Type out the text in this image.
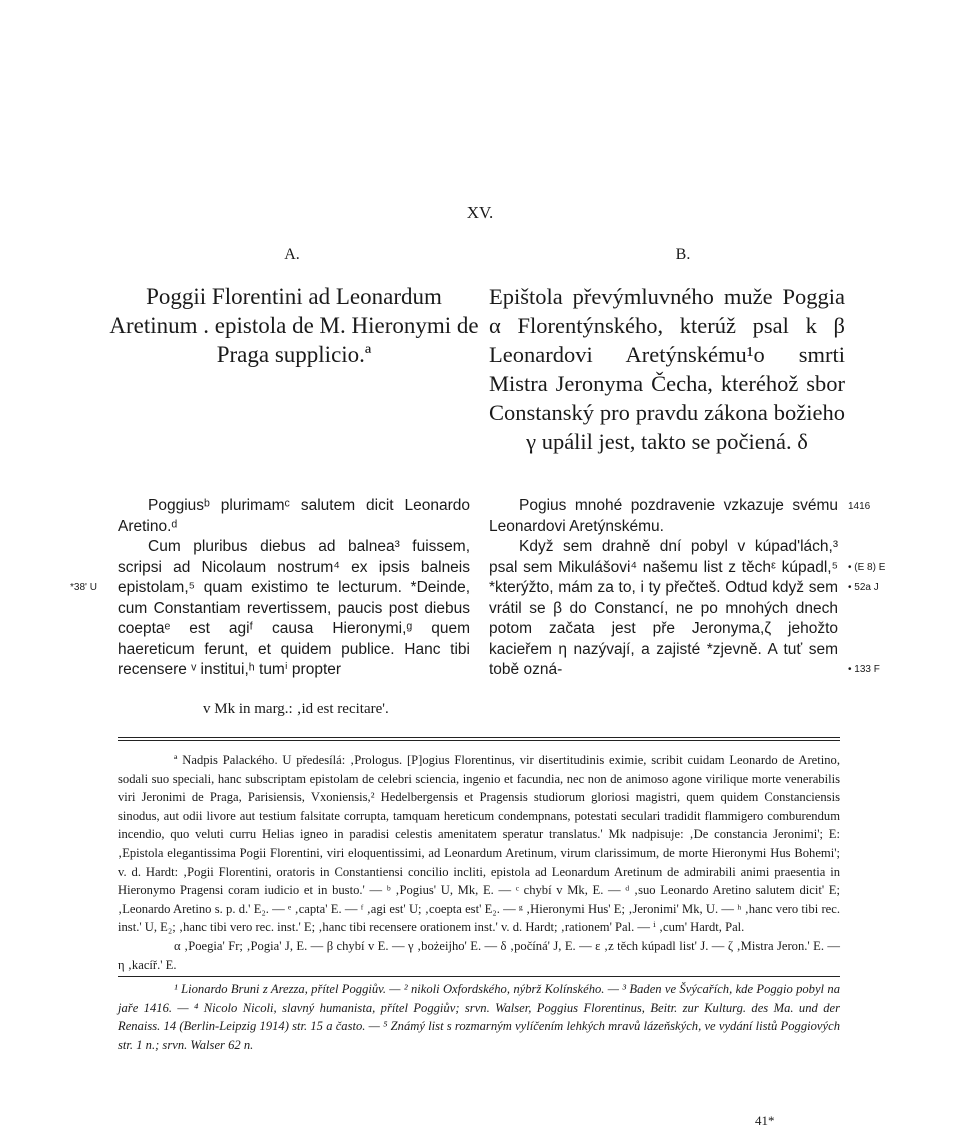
XV.
A.	B.
Poggii Florentini ad Leonardum Aretinum . epistola de M. Hieronymi de Praga supplicio.ª
Epištola převýmluvného muže Poggia α Florentýnského, kterúž psal k β Leonardovi Aretýnskému¹o smrti Mistra Jeronyma Čecha, kteréhož sbor Constanský pro pravdu zákona božieho γ upálil jest, takto se počiená. δ

Poggiusᵇ plurimamᶜ salutem dicit Leonardo Aretino.ᵈ

Cum pluribus diebus ad balnea³ fuissem, scripsi ad Nicolaum nostrum⁴ ex ipsis balneis epistolam,⁵ quam existimo te lecturum. *Deinde, cum Constantiam revertissem, paucis post diebus coeptaᵉ est agiᶠ causa Hieronymi,ᵍ quem haereticum ferunt, et quidem publice. Hanc tibi recensere ᵛ institui,ʰ tumⁱ propter

Pogius mnohé pozdravenie vzkazuje svému Leonardovi Aretýnskému.

Když sem drahně dní pobyl v kúpad'lách,³ psal sem Mikulášovi⁴ našemu list z těchᵋ kúpadl,⁵ *kterýžto, mám za to, i ty přečteš. Odtud když sem vrátil se β do Constancí, ne po mnohých dnech potom začata jest pře Jeronyma,ζ jehožto kacieřem η nazývají, a zajisté *zjevně. A tuť sem tobě ozná-

*38' U
1416
• (E 8) E
• 52a J
• 133 F
v Mk in marg.: ‚id est recitare'.

ª Nadpis Palackého. U předesílá: ‚Prologus. [P]ogius Florentinus, vir disertitudinis eximie, scribit cuidam Leonardo de Aretino, sodali suo speciali, hanc subscriptam epistolam de celebri sciencia, ingenio et facundia, nec non de animoso agone virilique morte venerabilis viri Jeronimi de Praga, Parisiensis, Vxoniensis,² Hedelbergensis et Pragensis studiorum gloriosi magistri, quem quidem Constanciensis sinodus, aut odii livore aut testium falsitate corrupta, tamquam hereticum condempnans, potestati seculari tradidit flammigero comburendum incendio, quo veluti curru Helias igneo in paradisi celestis amenitatem speratur translatus.' Mk nadpisuje: ‚De constancia Jeronimi'; E: ‚Epistola elegantissima Pogii Florentini, viri eloquentissimi, ad Leonardum Aretinum, virum clarissimum, de morte Hieronymi Hus Bohemi'; v. d. Hardt: ‚Pogii Florentini, oratoris in Constantiensi concilio incliti, epistola ad Leonardum Aretinum de admirabili animi praesentia in Hieronymo Pragensi coram iudicio et in busto.' — ᵇ ‚Pogius' U, Mk, E. — ᶜ chybí v Mk, E. — ᵈ ‚suo Leonardo Aretino salutem dicit' E; ‚Leonardo Aretino s. p. d.' E₂. — ᵉ ‚capta' E. — ᶠ ‚agi est' U; ‚coepta est' E₂. — ᵍ ‚Hieronymi Hus' E; ‚Jeronimi' Mk, U. — ʰ ‚hanc vero tibi rec. inst.' U, E₂; ‚hanc tibi vero rec. inst.' E; ‚hanc tibi recensere orationem inst.' v. d. Hardt; ‚rationem' Pal. — ⁱ ‚cum' Hardt, Pal.

α ‚Poegia' Fr; ‚Pogia' J, E. — β chybí v E. — γ ‚bożeijho' E. — δ ‚počíná' J, E. — ε ‚z těch kúpadl list' J. — ζ ‚Mistra Jeron.' E. — η ‚kacíř.' E.

¹ Lionardo Bruni z Arezza, přítel Poggiův. — ² nikoli Oxfordského, nýbrž Kolínského. — ³ Baden ve Švýcařích, kde Poggio pobyl na jaře 1416. — ⁴ Nicolo Nicoli, slavný humanista, přítel Poggiův; srvn. Walser, Poggius Florentinus, Beitr. zur Kulturg. des Ma. und der Renaiss. 14 (Berlin-Leipzig 1914) str. 15 a často. — ⁵ Známý list s rozmarným vylíčením lehkých mravů lázeňských, ve vydání listů Poggiových str. 1 n.; srvn. Walser 62 n.

41*
